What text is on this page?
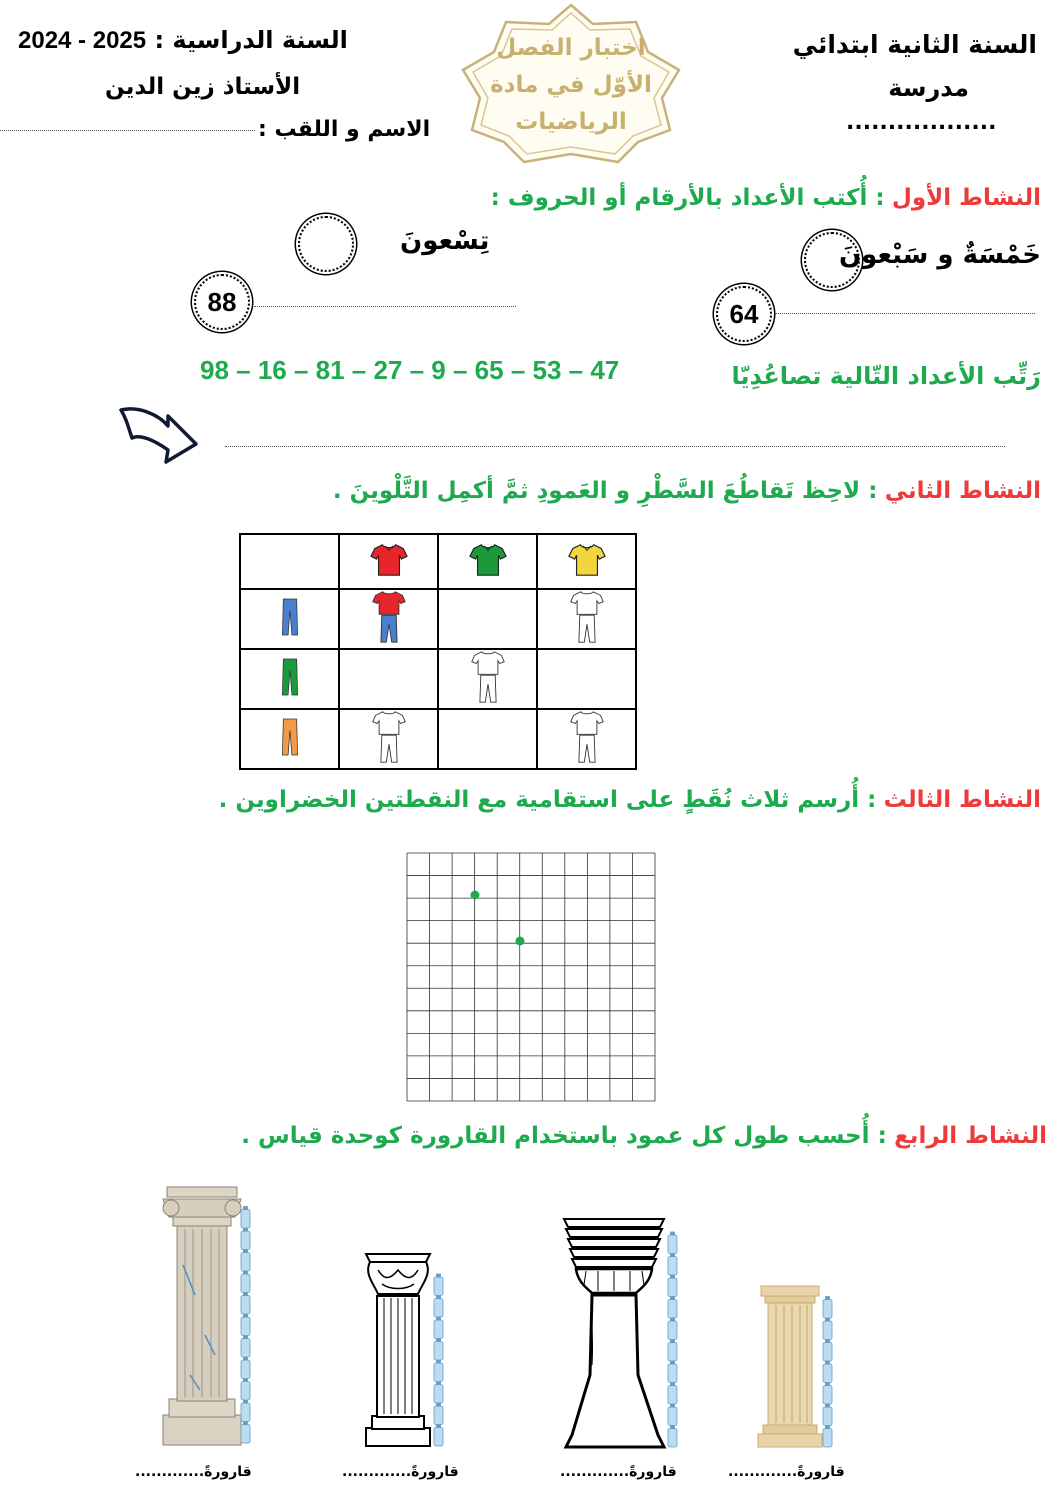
2024 - 2025 السنة الدراسية :
الأستاذ زين الدين
الاسم و اللقب :
السنة الثانية ابتدائي
مدرسة
..................
اختبار الفصل
الأوّل في مادة
الرياضيات
النشاط الأول : أُكتب الأعداد بالأرقام أو الحروف :
خَمْسَةٌ و سَبْعونَ
تِسْعونَ
64
88
رَتِّب الأعداد التّالية تصاعُدِيّا
98 – 16 – 81 – 27 – 9 – 65 – 53 – 47
النشاط الثاني : لاحِظ تَقاطُعَ السَّطْرِ و العَمودِ ثمَّ أكمِل التَّلْوينَ .

النشاط الثالث : أُرسم ثلاث نُقَطٍ على استقامية مع النقطتين الخضراوين .
النشاط الرابع : أُحسب طول كل عمود باستخدام القارورة كوحدة قياس .
قارورةً.............	قارورةً.............	قارورةً.............	قارورةً.............
